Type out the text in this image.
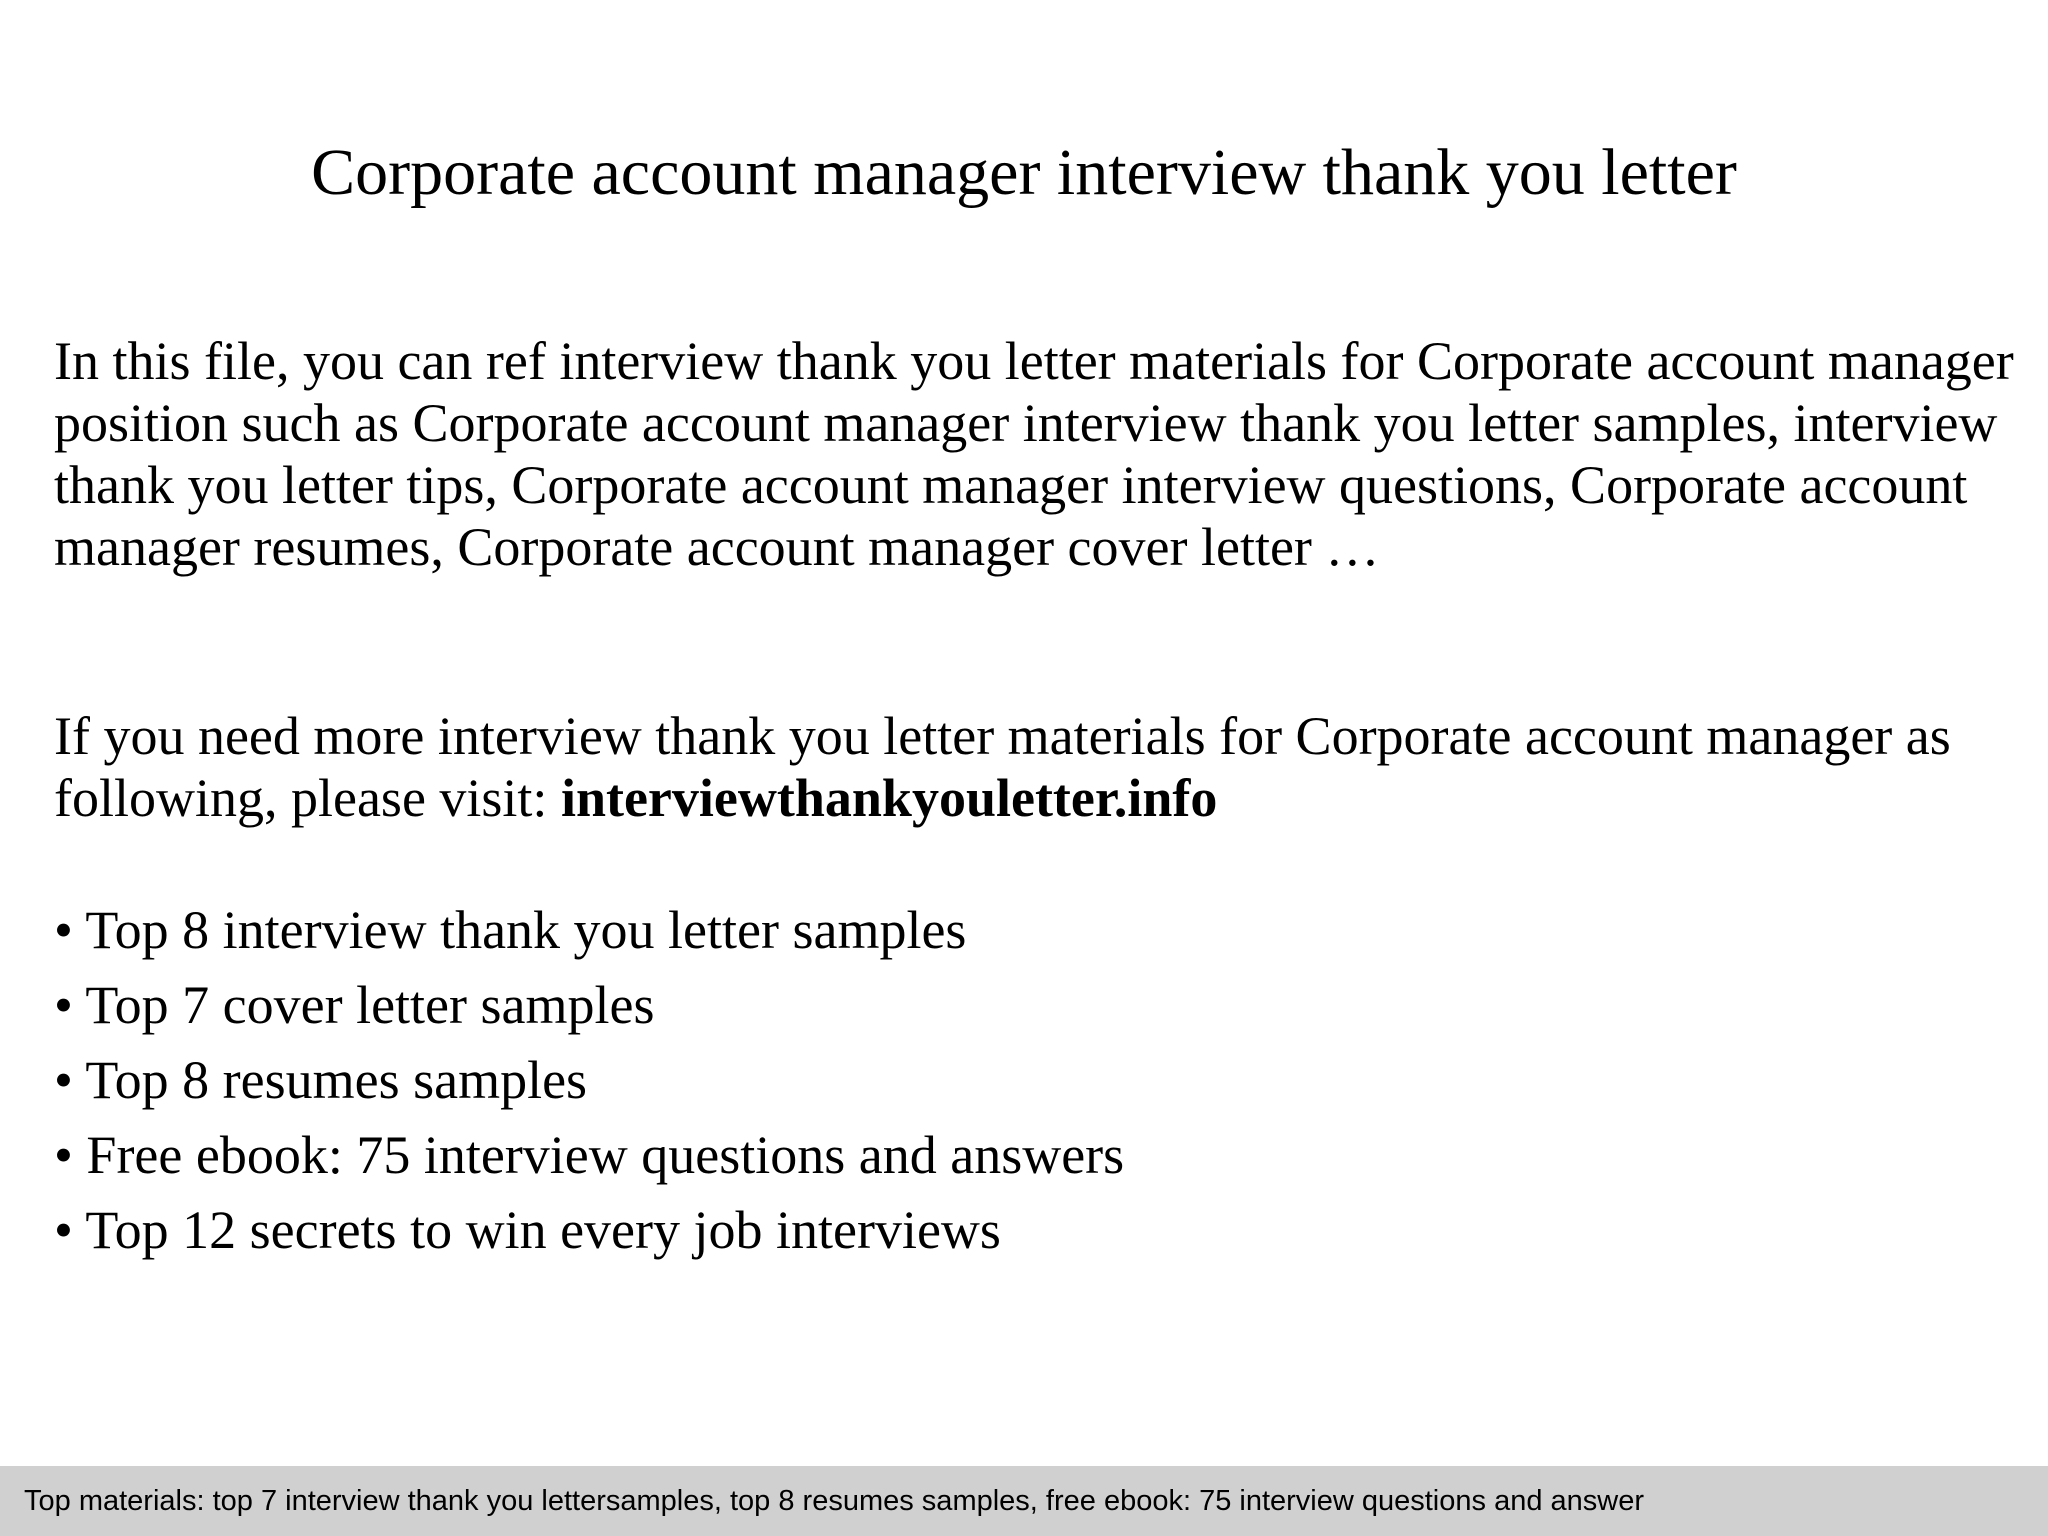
Corporate account manager interview thank you letter

In this file, you can ref interview thank you letter materials for Corporate account manager position such as Corporate account manager interview thank you letter samples, interview thank you letter tips, Corporate account manager interview questions, Corporate account manager resumes, Corporate account manager cover letter …

If you need more interview thank you letter materials for Corporate account manager as following, please visit: interviewthankyouletter.info

• Top 8 interview thank you letter samples
• Top 7 cover letter samples
• Top 8 resumes samples
• Free ebook: 75 interview questions and answers
• Top 12 secrets to win every job interviews
Top materials: top 7 interview thank you lettersamples, top 8 resumes samples, free ebook: 75 interview questions and answer
